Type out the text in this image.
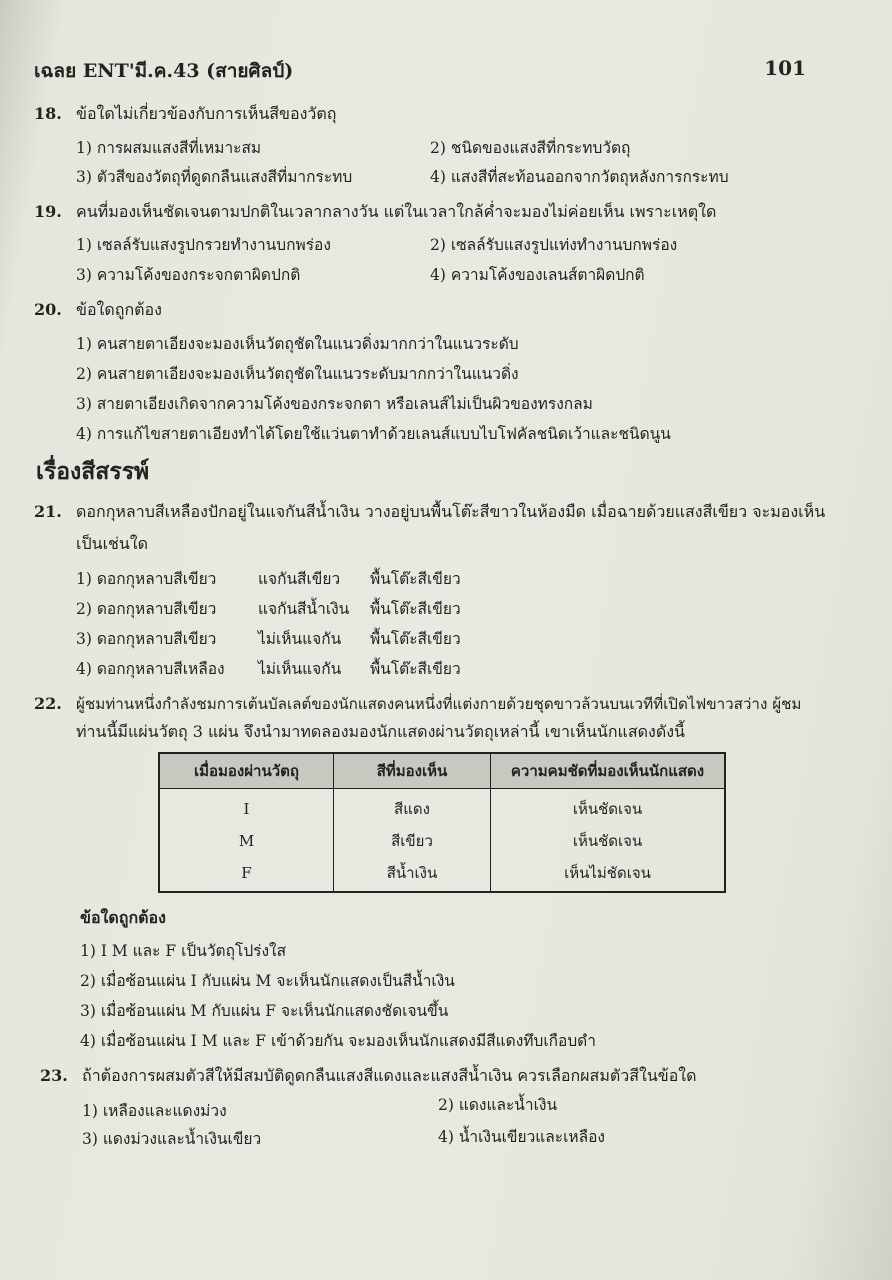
เฉลย ENT'มี.ค.43 (สายศิลป์)	101
18. ข้อใดไม่เกี่ยวข้องกับการเห็นสีของวัตถุ
1) การผสมแสงสีที่เหมาะสม	2) ชนิดของแสงสีที่กระทบวัตถุ
3) ตัวสีของวัตถุที่ดูดกลืนแสงสีที่มากระทบ	4) แสงสีที่สะท้อนออกจากวัตถุหลังการกระทบ
19. คนที่มองเห็นชัดเจนตามปกติในเวลากลางวัน แต่ในเวลาใกล้ค่ำจะมองไม่ค่อยเห็น เพราะเหตุใด
1) เซลล์รับแสงรูปกรวยทำงานบกพร่อง	2) เซลล์รับแสงรูปแท่งทำงานบกพร่อง
3) ความโค้งของกระจกตาผิดปกติ	4) ความโค้งของเลนส์ตาผิดปกติ
20. ข้อใดถูกต้อง
1) คนสายตาเอียงจะมองเห็นวัตถุชัดในแนวดิ่งมากกว่าในแนวระดับ
2) คนสายตาเอียงจะมองเห็นวัตถุชัดในแนวระดับมากกว่าในแนวดิ่ง
3) สายตาเอียงเกิดจากความโค้งของกระจกตา หรือเลนส์ไม่เป็นผิวของทรงกลม
4) การแก้ไขสายตาเอียงทำได้โดยใช้แว่นตาทำด้วยเลนส์แบบไบโฟคัลชนิดเว้าและชนิดนูน
เรื่องสีสรรพ์
21. ดอกกุหลาบสีเหลืองปักอยู่ในแจกันสีน้ำเงิน วางอยู่บนพื้นโต๊ะสีขาวในห้องมืด เมื่อฉายด้วยแสงสีเขียว จะมองเห็น
เป็นเช่นใด
1) ดอกกุหลาบสีเขียว	แจกันสีเขียว พื้นโต๊ะสีเขียว
2) ดอกกุหลาบสีเขียว	แจกันสีน้ำเงิน พื้นโต๊ะสีเขียว
3) ดอกกุหลาบสีเขียว	ไม่เห็นแจกัน พื้นโต๊ะสีเขียว
4) ดอกกุหลาบสีเหลือง ไม่เห็นแจกัน พื้นโต๊ะสีเขียว
22. ผู้ชมท่านหนึ่งกำลังชมการเต้นบัลเลต์ของนักแสดงคนหนึ่งที่แต่งกายด้วยชุดขาวล้วนบนเวทีที่เปิดไฟขาวสว่าง ผู้ชม
ท่านนี้มีแผ่นวัตถุ 3 แผ่น จึงนำมาทดลองมองนักแสดงผ่านวัตถุเหล่านี้ เขาเห็นนักแสดงดังนี้
เมื่อมองผ่านวัตถุ	สีที่มองเห็น	ความคมชัดที่มองเห็นนักแสดง
I	สีแดง	เห็นชัดเจน
M	สีเขียว	เห็นชัดเจน
F	สีน้ำเงิน	เห็นไม่ชัดเจน
ข้อใดถูกต้อง
1) I M และ F เป็นวัตถุโปร่งใส
2) เมื่อซ้อนแผ่น I กับแผ่น M จะเห็นนักแสดงเป็นสีน้ำเงิน
3) เมื่อซ้อนแผ่น M กับแผ่น F จะเห็นนักแสดงชัดเจนขึ้น
4) เมื่อซ้อนแผ่น I M และ F เข้าด้วยกัน จะมองเห็นนักแสดงมีสีแดงทึบเกือบดำ
23. ถ้าต้องการผสมตัวสีให้มีสมบัติดูดกลืนแสงสีแดงและแสงสีน้ำเงิน ควรเลือกผสมตัวสีในข้อใด
1) เหลืองและแดงม่วง	2) แดงและน้ำเงิน
3) แดงม่วงและน้ำเงินเขียว	4) น้ำเงินเขียวและเหลือง
